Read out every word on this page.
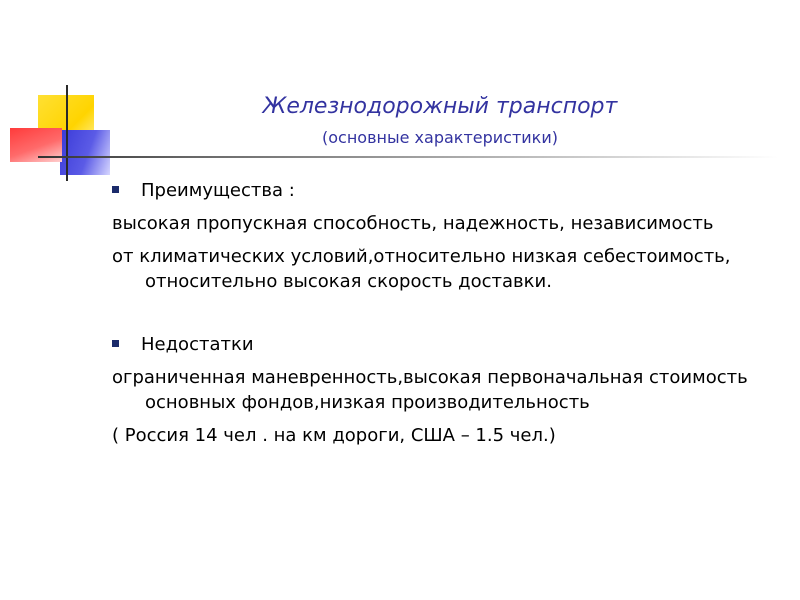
Железнодорожный транспорт
(основные характеристики)
Преимущества :
высокая пропускная способность, надежность, независимость
от климатических условий,относительно низкая себестоимость, относительно высокая скорость доставки.
Недостатки
ограниченная маневренность,высокая первоначальная стоимость основных фондов,низкая производительность
( Россия 14 чел . на км дороги, США – 1.5 чел.)
